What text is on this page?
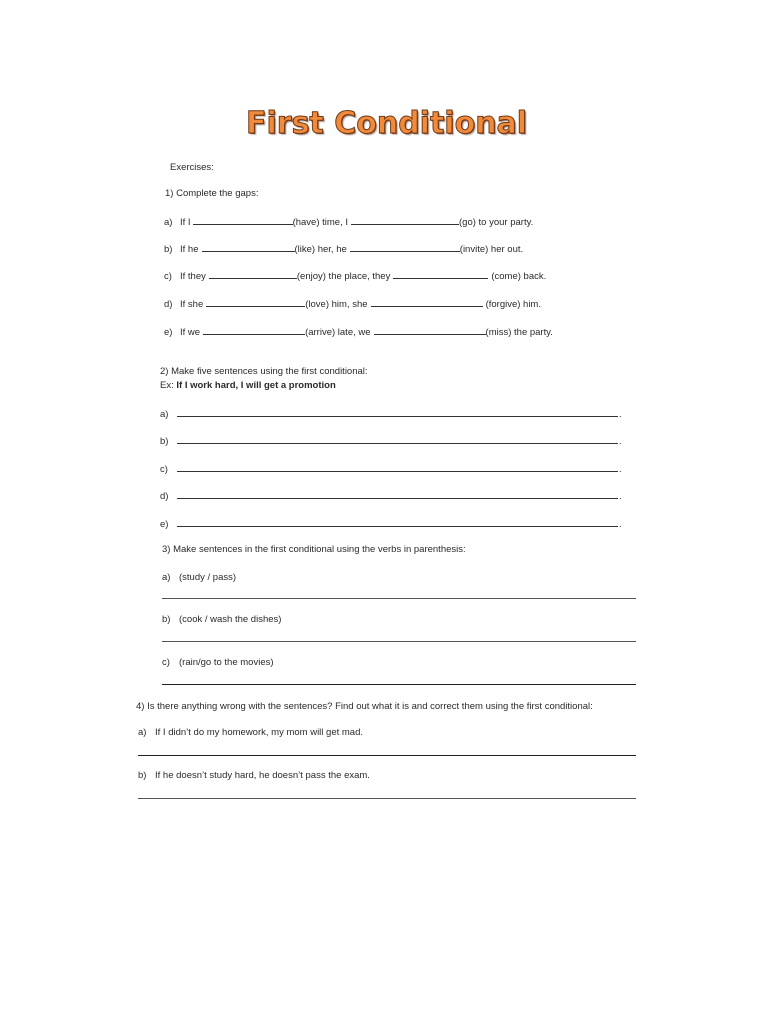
First Conditional
Exercises:
1) Complete the gaps:
a) If I	(have) time, I	(go) to your party.
b) If he	(like) her, he	(invite) her out.
c) If they	(enjoy) the place, they	(come) back.
d) If she	(love) him, she	(forgive) him.
e) If we	(arrive) late, we	(miss) the party.
2) Make five sentences using the first conditional:
Ex: If I work hard, I will get a promotion
a)	.
b)	.
c)	.
d)	.
e)	.
3) Make sentences in the first conditional using the verbs in parenthesis:
a) (study / pass)
b) (cook / wash the dishes)
c) (rain/go to the movies)
4) Is there anything wrong with the sentences? Find out what it is and correct them using the first conditional:
a) If I didn’t do my homework, my mom will get mad.
b) If he doesn’t study hard, he doesn’t pass the exam.
